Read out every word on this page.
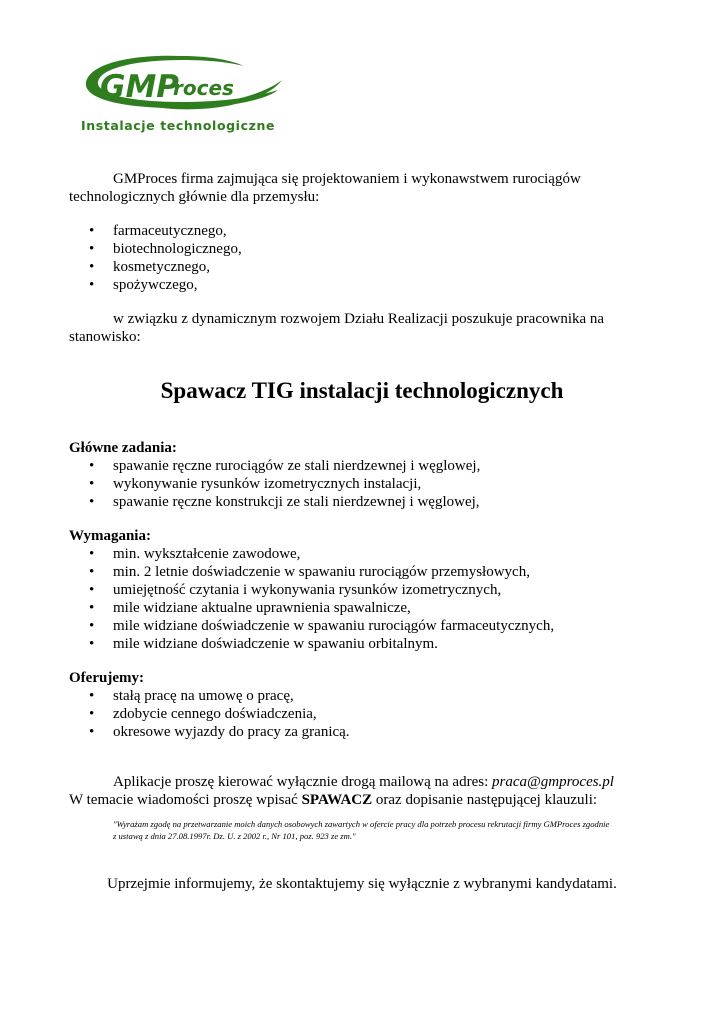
GMP
roces
Instalacje technologiczne
GMProces firma zajmująca się projektowaniem i wykonawstwem rurociągów technologicznych głównie dla przemysłu:
• farmaceutycznego,
• biotechnologicznego,
• kosmetycznego,
• spożywczego,
w związku z dynamicznym rozwojem Działu Realizacji poszukuje pracownika na stanowisko:
Spawacz TIG instalacji technologicznych
Główne zadania:
• spawanie ręczne rurociągów ze stali nierdzewnej i węglowej,
• wykonywanie rysunków izometrycznych instalacji,
• spawanie ręczne konstrukcji ze stali nierdzewnej i węglowej,
Wymagania:
• min. wykształcenie zawodowe,
• min. 2 letnie doświadczenie w spawaniu rurociągów przemysłowych,
• umiejętność czytania i wykonywania rysunków izometrycznych,
• mile widziane aktualne uprawnienia spawalnicze,
• mile widziane doświadczenie w spawaniu rurociągów farmaceutycznych,
• mile widziane doświadczenie w spawaniu orbitalnym.
Oferujemy:
• stałą pracę na umowę o pracę,
• zdobycie cennego doświadczenia,
• okresowe wyjazdy do pracy za granicą.
Aplikacje proszę kierować wyłącznie drogą mailową na adres: praca@gmproces.pl
W temacie wiadomości proszę wpisać SPAWACZ oraz dopisanie następującej klauzuli:
"Wyrażam zgodę na przetwarzanie moich danych osobowych zawartych w ofercie pracy dla potrzeb procesu rekrutacji firmy GMProces zgodnie z ustawą z dnia 27.08.1997r. Dz. U. z 2002 r., Nr 101, poz. 923 ze zm."
Uprzejmie informujemy, że skontaktujemy się wyłącznie z wybranymi kandydatami.
